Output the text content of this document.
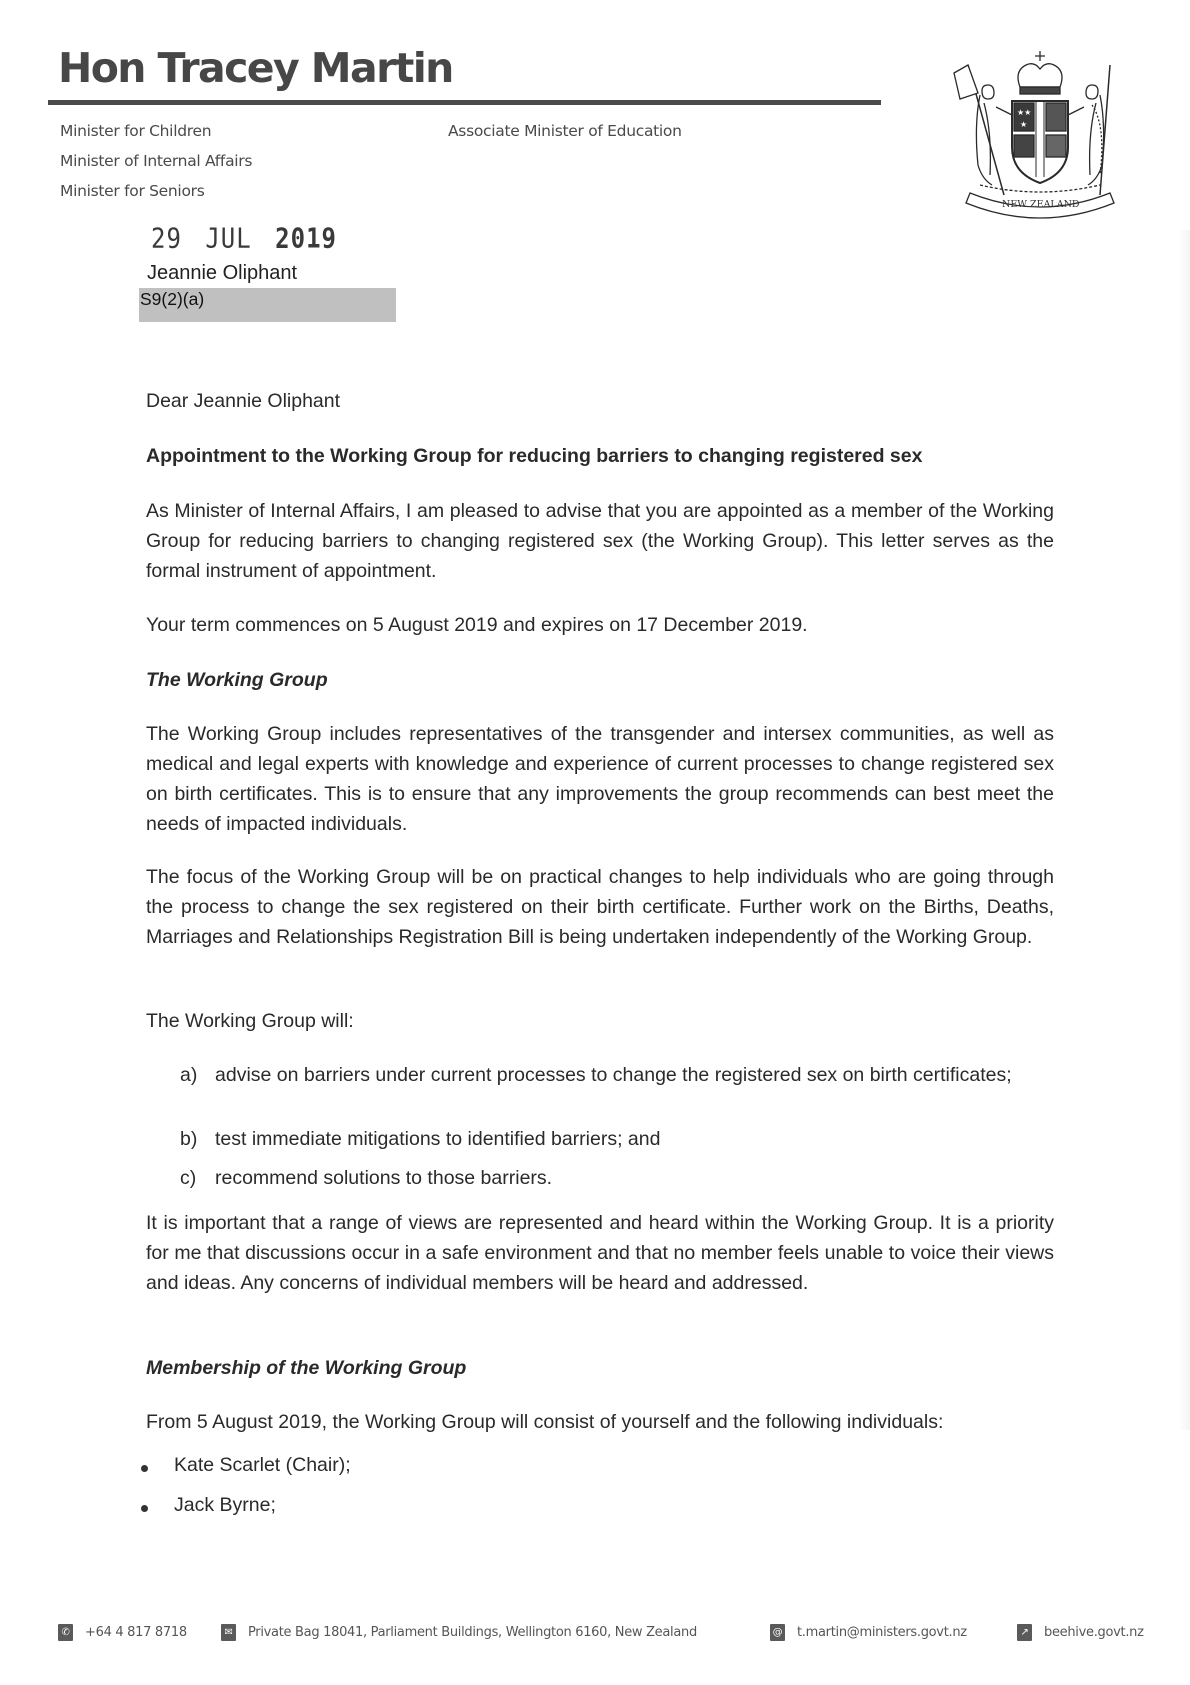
Hon Tracey Martin
Minister for Children
Minister of Internal Affairs
Minister for Seniors
Associate Minister of Education
★★
★
NEW ZEALAND
29 JUL 2019
Jeannie Oliphant
S9(2)(a)
Dear Jeannie Oliphant
Appointment to the Working Group for reducing barriers to changing registered sex
As Minister of Internal Affairs, I am pleased to advise that you are appointed as a member of the Working Group for reducing barriers to changing registered sex (the Working Group). This letter serves as the formal instrument of appointment.
Your term commences on 5 August 2019 and expires on 17 December 2019.
The Working Group
The Working Group includes representatives of the transgender and intersex communities, as well as medical and legal experts with knowledge and experience of current processes to change registered sex on birth certificates. This is to ensure that any improvements the group recommends can best meet the needs of impacted individuals.
The focus of the Working Group will be on practical changes to help individuals who are going through the process to change the sex registered on their birth certificate. Further work on the Births, Deaths, Marriages and Relationships Registration Bill is being undertaken independently of the Working Group.
The Working Group will:
a) advise on barriers under current processes to change the registered sex on birth certificates;
b) test immediate mitigations to identified barriers; and
c) recommend solutions to those barriers.
It is important that a range of views are represented and heard within the Working Group. It is a priority for me that discussions occur in a safe environment and that no member feels unable to voice their views and ideas. Any concerns of individual members will be heard and addressed.
Membership of the Working Group
From 5 August 2019, the Working Group will consist of yourself and the following individuals:
Kate Scarlet (Chair);
Jack Byrne;
✆ +64 4 817 8718	✉ Private Bag 18041, Parliament Buildings, Wellington 6160, New Zealand	@ t.martin@ministers.govt.nz	↗ beehive.govt.nz
